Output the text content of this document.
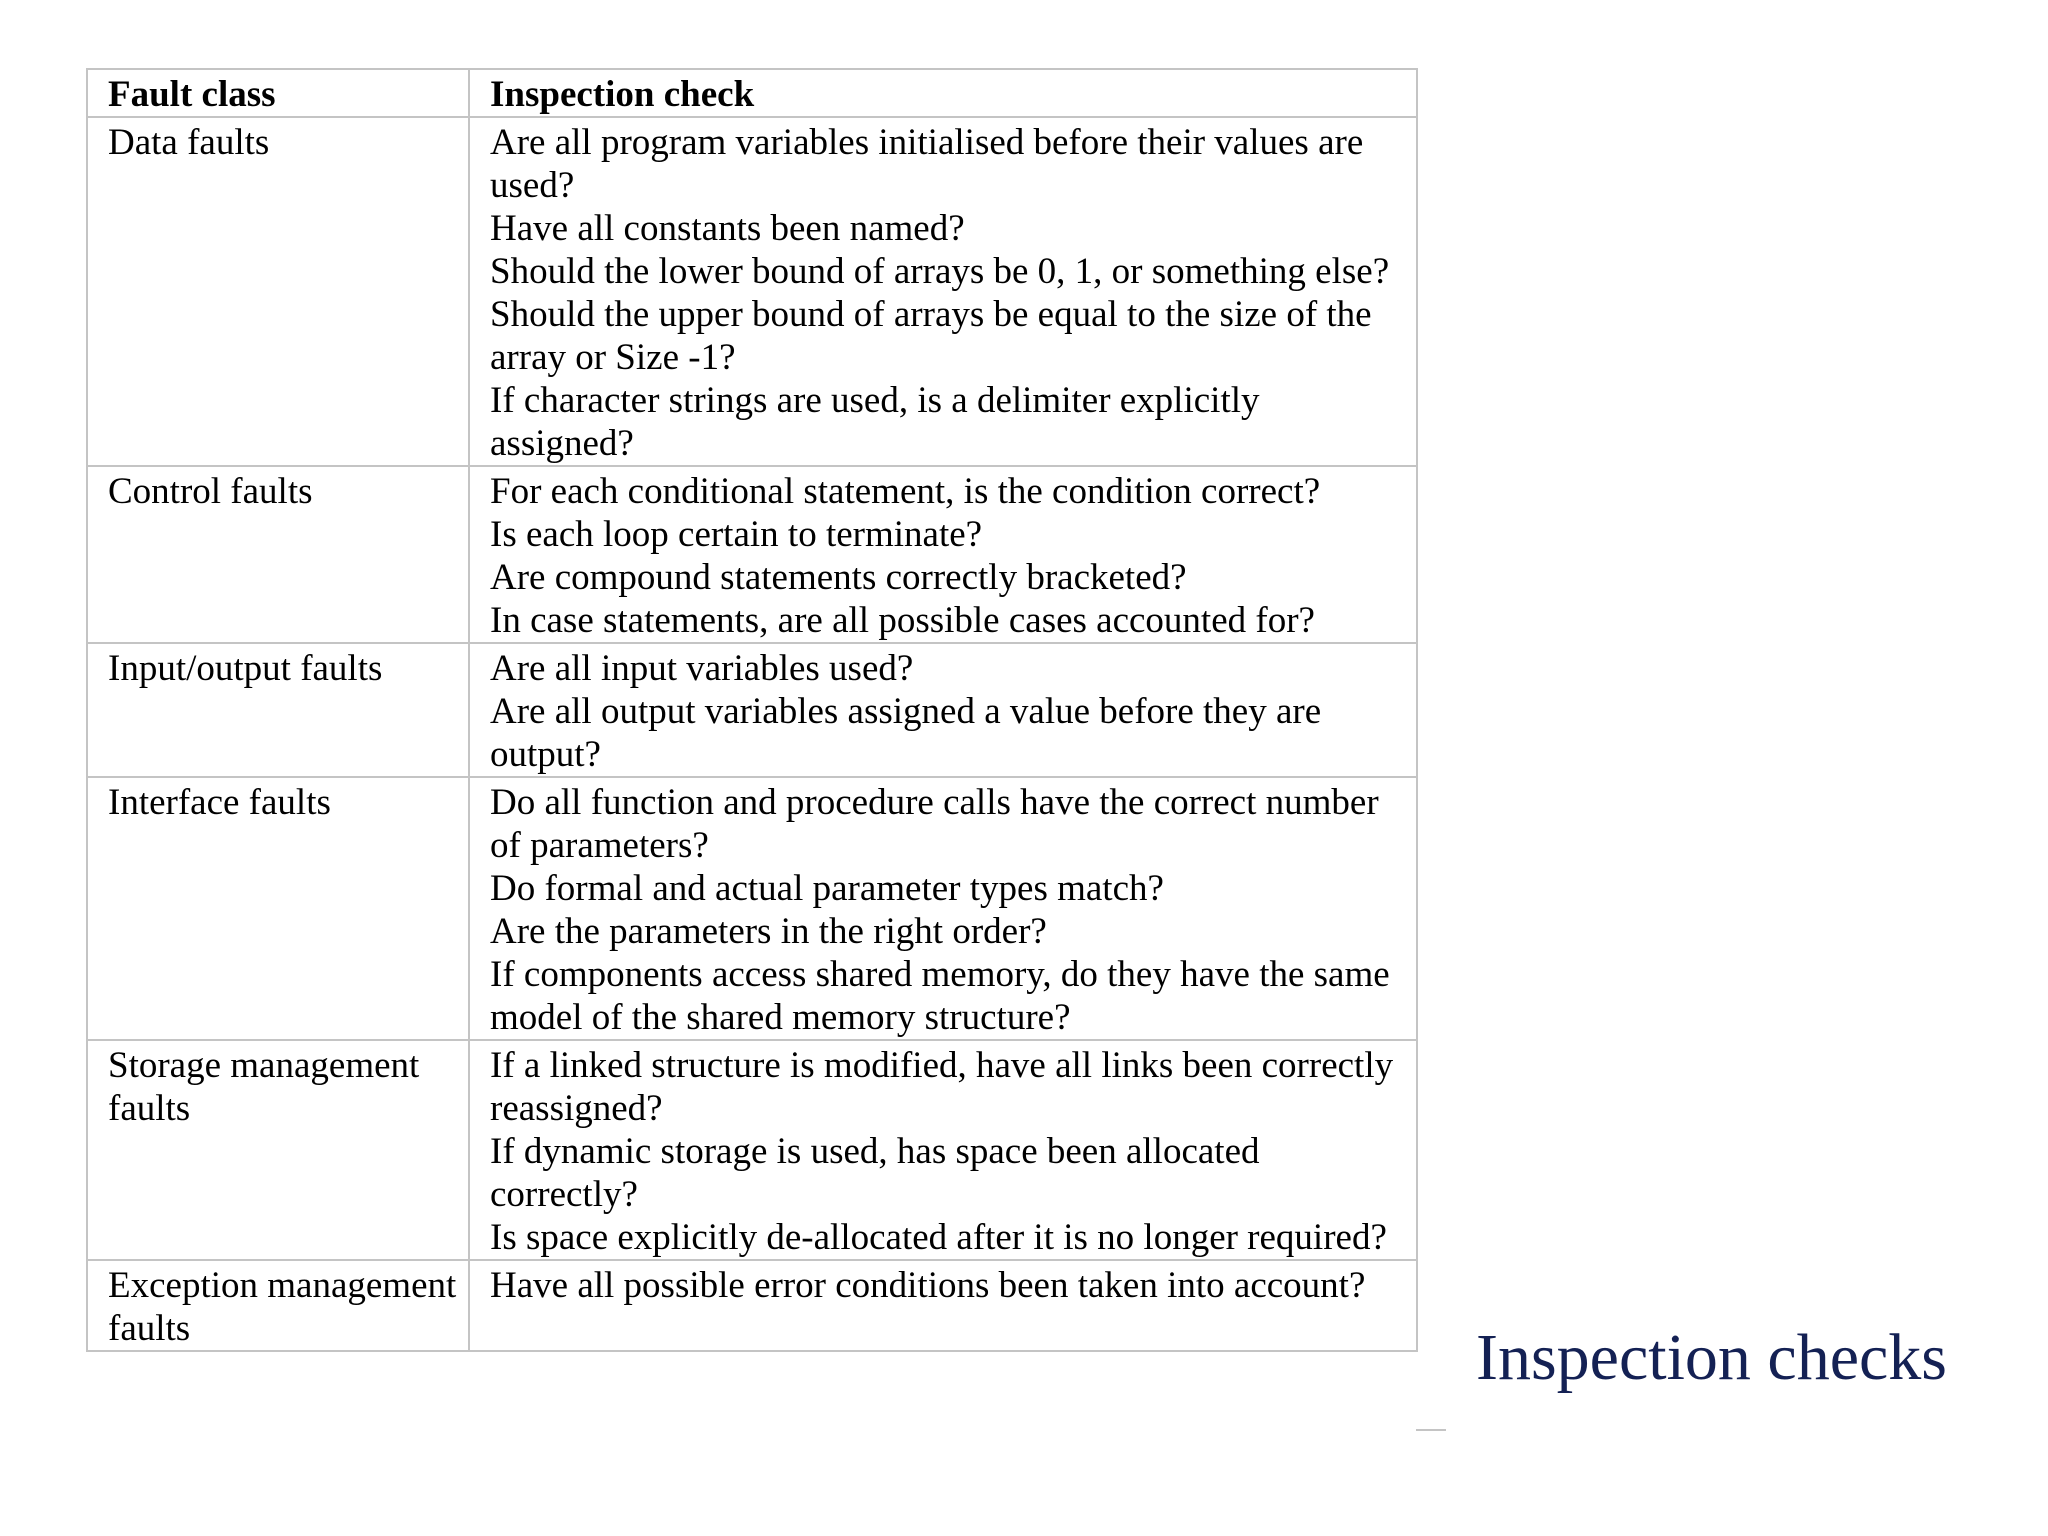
Fault class	Inspection check
Data faults	Are all program variables initialised before their values are used?
Have all constants been named?
Should the lower bound of arrays be 0, 1, or something else?
Should the upper bound of arrays be equal to the size of the array or Size -1?
If character strings are used, is a delimiter explicitly assigned?

Control faults	For each conditional statement, is the condition correct?
Is each loop certain to terminate?
Are compound statements correctly bracketed?
In case statements, are all possible cases accounted for?

Input/output faults	Are all input variables used?
Are all output variables assigned a value before they are output?

Interface faults	Do all function and procedure calls have the correct number of parameters?
Do formal and actual parameter types match?
Are the parameters in the right order?
If components access shared memory, do they have the same model of the shared memory structure?

Storage management faults	If a linked structure is modified, have all links been correctly reassigned?
If dynamic storage is used, has space been allocated correctly?
Is space explicitly de-allocated after it is no longer required?

Exception management faults	Have all possible error conditions been taken into account?
Inspection checks
